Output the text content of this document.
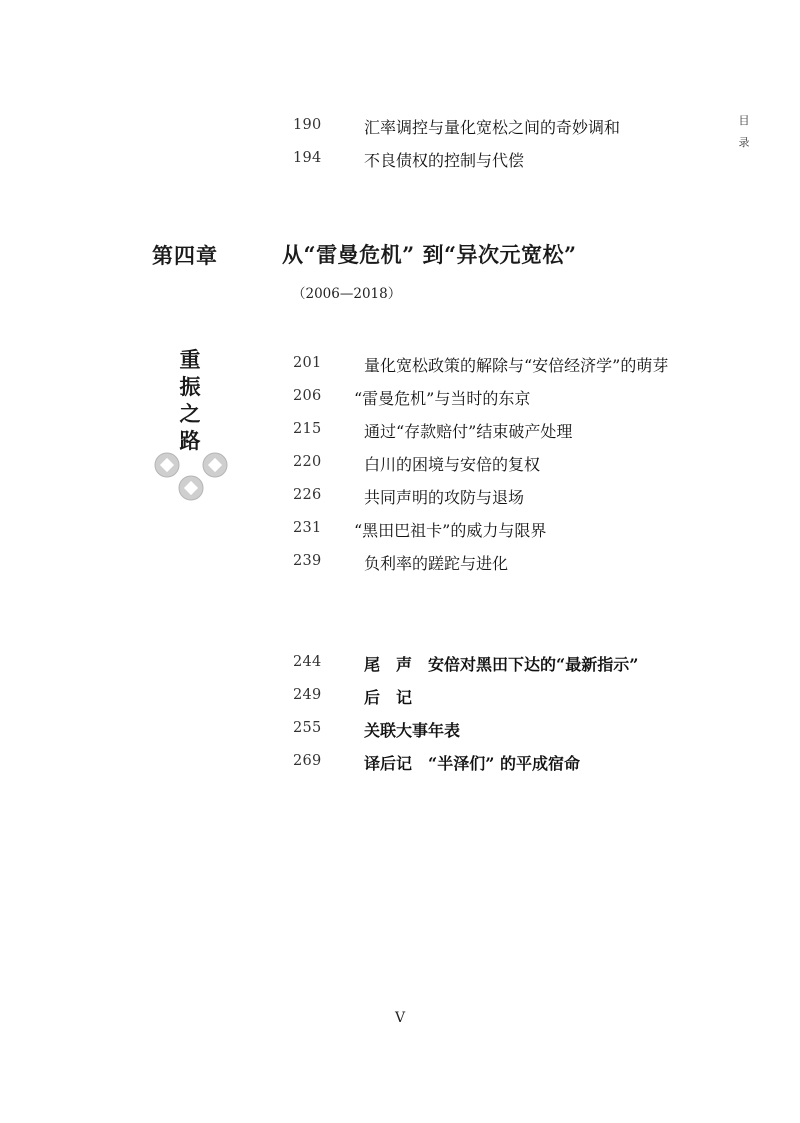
目
录
190	汇率调控与量化宽松之间的奇妙调和
194	不良债权的控制与代偿
第四章	从“雷曼危机” 到“异次元宽松”
（2006—2018）
重
振
之
路
201	量化宽松政策的解除与“安倍经济学”的萌芽
206 “雷曼危机”与当时的东京
215	通过“存款赔付”结束破产处理
220	白川的困境与安倍的复权
226	共同声明的攻防与退场
231 “黑田巴祖卡”的威力与限界
239	负利率的蹉跎与进化
244	尾　声　安倍对黑田下达的“最新指示”
249	后　记
255	关联大事年表
269	译后记　“半泽们” 的平成宿命
V
